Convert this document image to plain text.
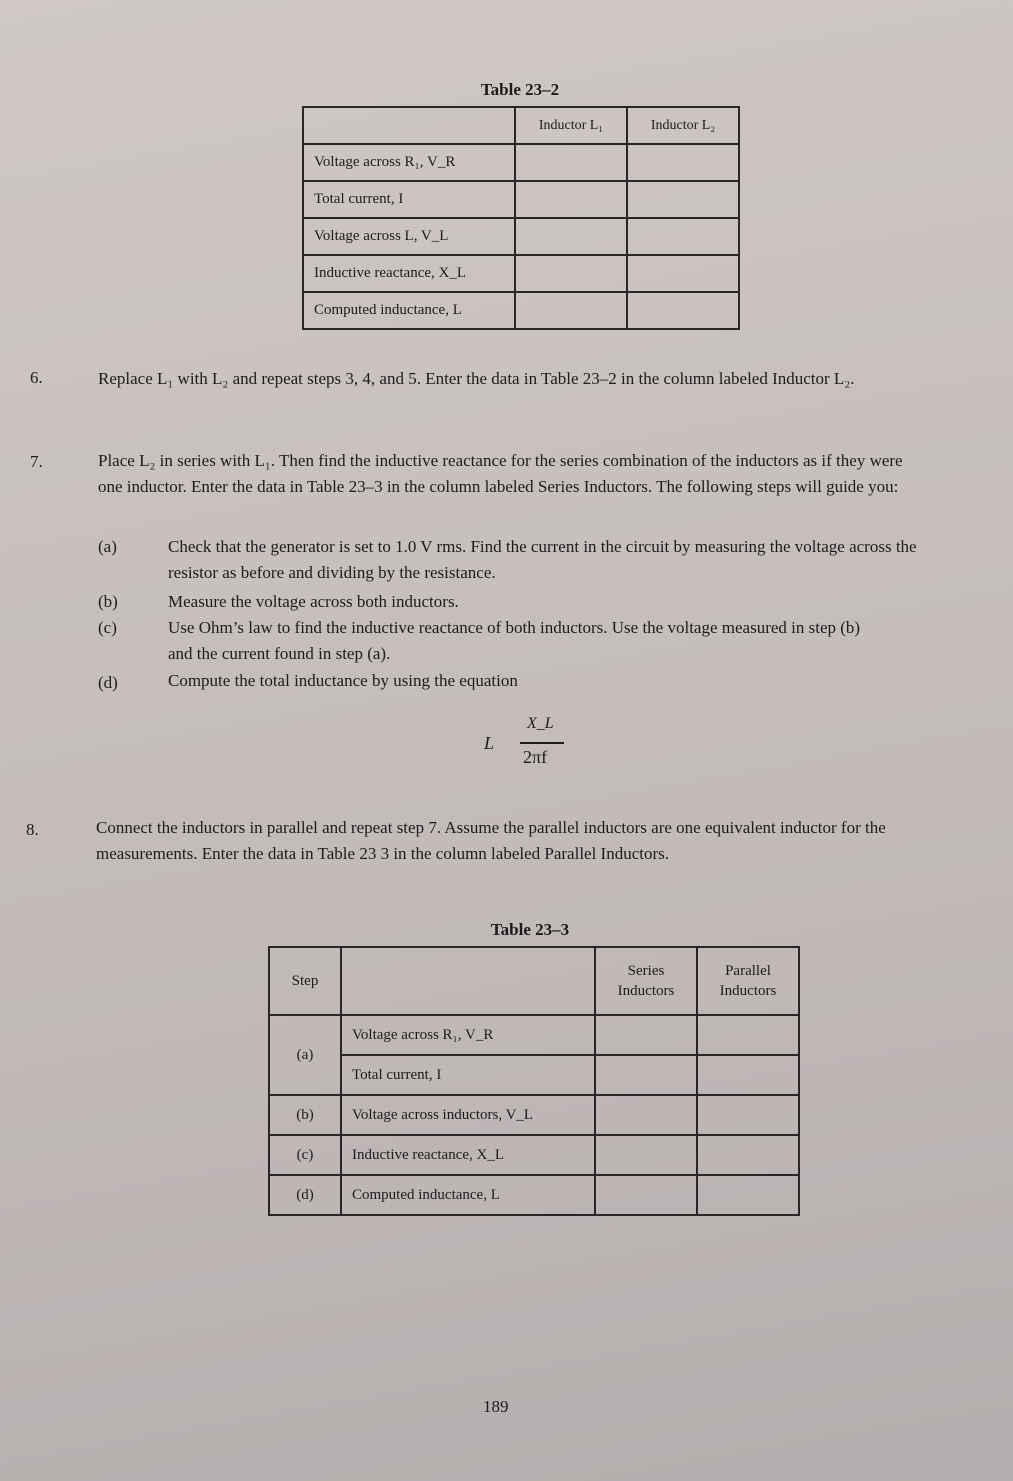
Table 23–2
	Inductor L₁	Inductor L₂
Voltage across R₁, V_R		
Total current, I		
Voltage across L, V_L		
Inductive reactance, X_L		
Computed inductance, L		
6.	Replace L₁ with L₂ and repeat steps 3, 4, and 5. Enter the data in Table 23–2 in the column labeled Inductor L₂.
7.	Place L₂ in series with L₁. Then find the inductive reactance for the series combination of the inductors as if they were one inductor. Enter the data in Table 23–3 in the column labeled Series Inductors. The following steps will guide you:
(a)	Check that the generator is set to 1.0 V rms. Find the current in the circuit by measuring the voltage across the resistor as before and dividing by the resistance.
(b)	Measure the voltage across both inductors.
(c)	Use Ohm’s law to find the inductive reactance of both inductors. Use the voltage measured in step (b) and the current found in step (a).
(d)	Compute the total inductance by using the equation
L
X_L
2πf
8.	Connect the inductors in parallel and repeat step 7. Assume the parallel inductors are one equivalent inductor for the measurements. Enter the data in Table 23 3 in the column labeled Parallel Inductors.
Table 23–3
Step		Series Inductors	Parallel Inductors
(a)	Voltage across R₁, V_R		
	Total current, I		
(b)	Voltage across inductors, V_L		
(c)	Inductive reactance, X_L		
(d)	Computed inductance, L		
189
